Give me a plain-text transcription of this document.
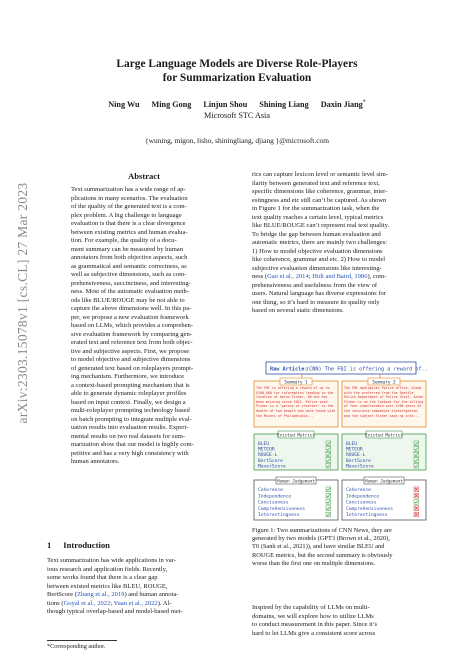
arXiv:2303.15078v1 [cs.CL] 27 Mar 2023
Large Language Models are Diverse Role-Players
for Summarization Evaluation
Ning Wu Ming Gong Linjun Shou Shining Liang Daxin Jiang*
Microsoft STC Asia
{wuning, migon, lisho, shiningliang, djiang }@microsoft.com
Abstract
Text summarization has a wide range of ap-
plications in many scenarios. The evaluation
of the quality of the generated text is a com-
plex problem. A big challenge to language
evaluation is that there is a clear divergence
between existing metrics and human evalua-
tion. For example, the quality of a docu-
ment summary can be measured by human
annotators from both objective aspects, such
as grammatical and semantic correctness, as
well as subjective dimensions, such as com-
prehensiveness, succinctness, and interesting-
ness. Most of the automatic evaluation meth-
ods like BLUE/ROUGE may be not able to
capture the above dimensions well. In this pa-
per, we propose a new evaluation framework
based on LLMs, which provides a comprehen-
sive evaluation framework by comparing gen-
erated text and reference text from both objec-
tive and subjective aspects. First, we propose
to model objective and subjective dimensions
of generated text based on roleplayers prompt-
ing mechanism. Furthermore, we introduce
a context-based prompting mechanism that is
able to generate dynamic roleplayer profiles
based on input context. Finally, we design a
multi-roleplayer prompting technology based
on batch prompting to integrate multiple eval-
uation results into evaluation results. Experi-
mental results on two real datasets for sum-
marization show that our model is highly com-
petitive and has a very high consistency with
human annotators.
1 Introduction
Text summarization has wide applications in var-
ious research and application fields. Recently,
some works found that there is a clear gap
between existed metrics like BLEU, ROUGE,
BertScore (Zhang et al., 2019) and human annota-
tions (Goyal et al., 2022; Yuan et al., 2022). Al-
though typical overlap-based and model-based met-
*Corresponding author.
rics can capture lexicon level or semantic level sim-
ilarity between generated text and reference text,
specific dimensions like coherence, grammar, inter-
estingness and etc still can’t be captured. As shown
in Figure 1 for the summarization task, when the
text quality reaches a certain level, typical metrics
like BLUE/ROUGE can’t represent real text quality.
To bridge the gap between human evaluation and
automatic metrics, there are mainly two challenges:
1) How to model objective evaluation dimensions
like coherence, grammar and etc. 2) How to model
subjective evaluation dimensions like interesting-
ness (Gao et al., 2014; Hidi and Baird, 1986), com-
prehensiveness and usefulness from the view of
users. Natural language has diverse expressions for
one thing, so it’s hard to measure its quality only
based on several static dimensions.
Raw Article:
(CNN) The FBI is offering a reward of...
Summary 1
The FBI is offering a reward of up to $100,000 for information leading to the location of Aaron Fisher, 68 who has been missing since 2012. Police said Fisher is a 'person of interest' in the deaths of two people who were found with the Miners of Philadelphia...
Summary 2
The FBI apologizes Police office, along with the preferred from the Seattle Police Department of Police Chief, Aaron Fisher is on the lookout for the killing of four unbelievable over 1200 years of the insurance companies investigation and the subject Fisher says no info...
Existed Metrics
BLEU
METEOR
ROUGE-L
BertScore
MoverScore
Existed Metrics
BLEU
METEOR
ROUGE-L
BertScore
MoverScore
Human Judgement
Coherence
Independence
Conciseness
Comprehensiveness
Interestingness
Human Judgement
Coherence
Independence
Conciseness
Comprehensiveness
Interestingness
Figure 1: Two summarizations of CNN News, they are
generated by two models (GPT3 (Brown et al., 2020),
T0 (Sanh et al., 2021)), and have similar BLEU and
ROUGE metrics, but the second summary is obviously
worse than the first one on multiple dimensions.
Inspired by the capability of LLMs on multi-
domains, we will explore how to utilize LLMs
to conduct measurement in this paper. Since it’s
hard to let LLMs give a consistent score across
